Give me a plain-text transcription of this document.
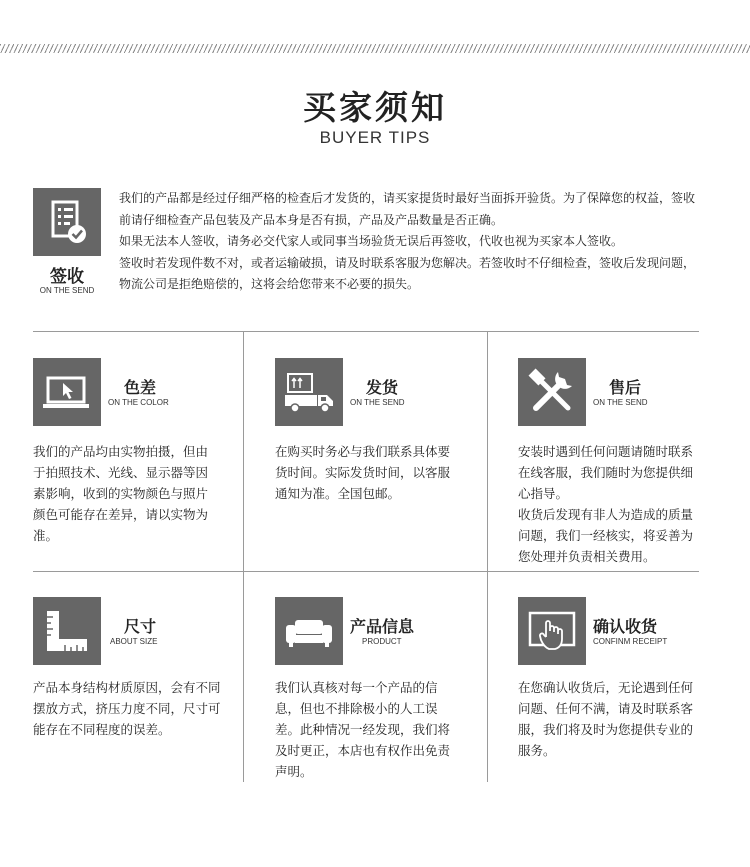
买家须知
BUYER TIPS
签收
ON THE SEND

我们的产品都是经过仔细严格的检查后才发货的，请买家提货时最好当面拆开验货。为了保障您的权益，签收前请仔细检查产品包装及产品本身是否有损，产品及产品数量是否正确。

如果无法本人签收，请务必交代家人或同事当场验货无误后再签收，代收也视为买家本人签收。

签收时若发现件数不对，或者运输破损，请及时联系客服为您解决。若签收时不仔细检查，签收后发现问题，物流公司是拒绝赔偿的，这将会给您带来不必要的损失。

色差
ON THE COLOR

我们的产品均由实物拍摄，但由于拍照技术、光线、显示器等因素影响，收到的实物颜色与照片颜色可能存在差异，请以实物为准。

发货
ON THE SEND

在购买时务必与我们联系具体要货时间。实际发货时间，以客服通知为准。全国包邮。

售后
ON THE SEND

安装时遇到任何问题请随时联系在线客服，我们随时为您提供细心指导。

收货后发现有非人为造成的质量问题，我们一经核实，将妥善为您处理并负责相关费用。

尺寸
ABOUT SIZE

产品本身结构材质原因，会有不同摆放方式，挤压力度不同，尺寸可能存在不同程度的误差。

产品信息
PRODUCT

我们认真核对每一个产品的信息，但也不排除极小的人工误差。此种情况一经发现，我们将及时更正，本店也有权作出免责声明。

确认收货
CONFINM RECEIPT

在您确认收货后，无论遇到任何问题、任何不满，请及时联系客服，我们将及时为您提供专业的服务。
